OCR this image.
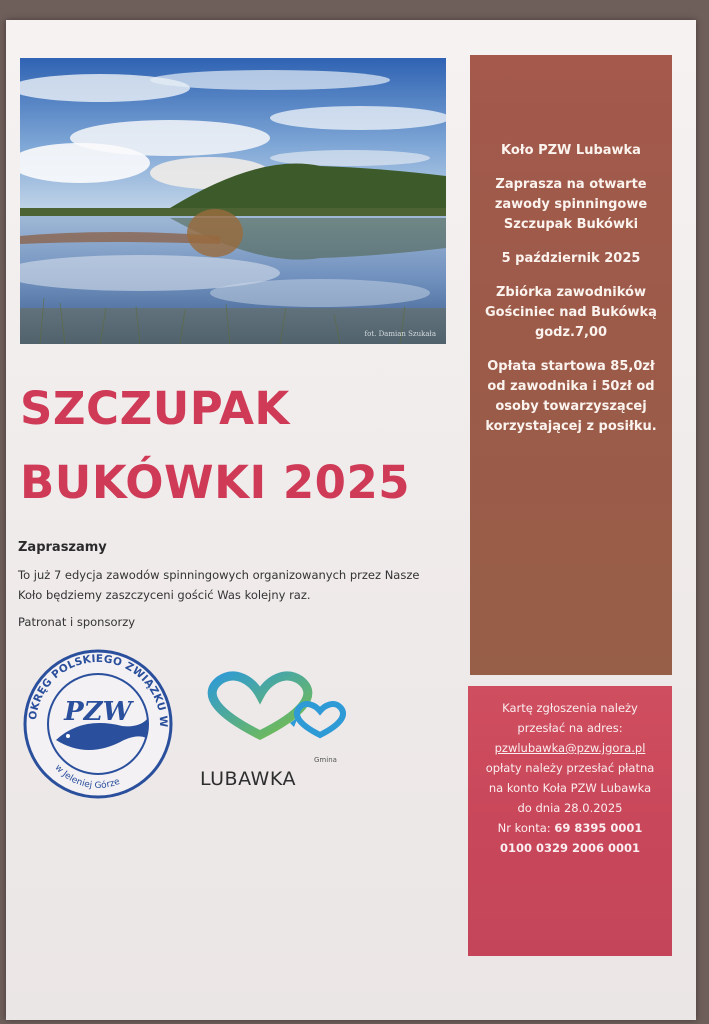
fot. Damian Szukała
SZCZUPAK
BUKÓWKI 2025
Zapraszamy
To już 7 edycja zawodów spinningowych organizowanych przez Nasze Koło będziemy zaszczyceni gościć Was kolejny raz.
Patronat i sponsorzy
OKRĘG POLSKIEGO ZWIĄZKU W
w Jeleniej Górze
PZW
Gmina
LUBAWKA

Koło PZW Lubawka

Zaprasza na otwarte zawody spinningowe Szczupak Bukówki

5 październik 2025

Zbiórka zawodników Gościniec nad Bukówką godz.7,00

Opłata startowa 85,0zł od zawodnika i 50zł od osoby towarzyszącej korzystającej z posiłku.

Kartę zgłoszenia należy przesłać na adres:

pzwlubawka@pzw.jgora.pl

opłaty należy przesłać płatna na konto Koła PZW Lubawka do dnia 28.0.2025

Nr konta: 69 8395 0001 0100 0329 2006 0001
